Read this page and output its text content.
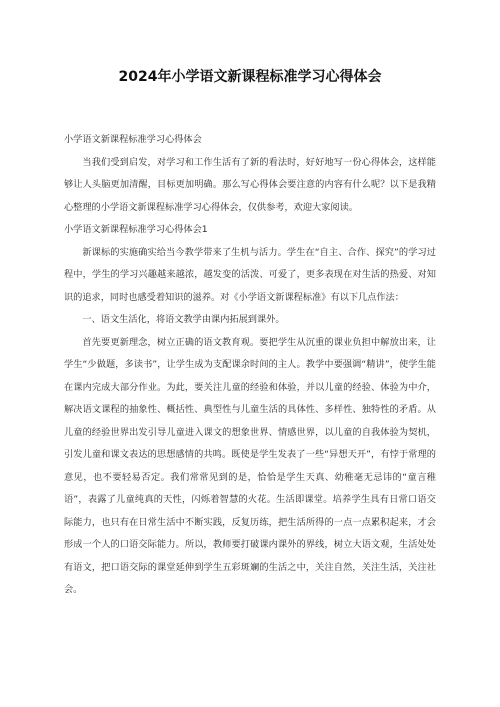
2024年小学语文新课程标准学习心得体会

小学语文新课程标准学习心得体会

当我们受到启发，对学习和工作生活有了新的看法时，好好地写一份心得体会，这样能够让人头脑更加清醒，目标更加明确。那么写心得体会要注意的内容有什么呢？以下是我精心整理的小学语文新课程标准学习心得体会，仅供参考，欢迎大家阅读。

小学语文新课程标准学习心得体会1

新课标的实施确实给当今教学带来了生机与活力。学生在“自主、合作、探究”的学习过程中，学生的学习兴趣越来越浓，越发变的活泼、可爱了，更多表现在对生活的热爱、对知识的追求，同时也感受着知识的滋养。对《小学语文新课程标准》有以下几点作法：

一、语文生活化，将语文教学由课内拓展到课外。

首先要更新理念，树立正确的语文教育观。要把学生从沉重的课业负担中解放出来，让学生“少做题，多读书”，让学生成为支配课余时间的主人。教学中要强调“精讲”，使学生能在课内完成大部分作业。为此，要关注儿童的经验和体验，并以儿童的经验、体验为中介，解决语文课程的抽象性、概括性、典型性与儿童生活的具体性、多样性、独特性的矛盾。从儿童的经验世界出发引导儿童进入课文的想象世界、情感世界，以儿童的自我体验为契机，引发儿童和课文表达的思想感情的共鸣。既使是学生发表了一些“异想天开”，有悖于常理的意见，也不要轻易否定。我们常常见到的是，恰恰是学生天真、幼稚毫无忌讳的“童言稚语”，表露了儿童纯真的天性，闪烁着智慧的火花。生活即课堂。培养学生具有日常口语交际能力，也只有在日常生活中不断实践，反复历练，把生活所得的一点一点累积起来，才会形成一个人的口语交际能力。所以，教师要打破课内课外的界线，树立大语文观，生活处处有语文，把口语交际的课堂延伸到学生五彩斑斓的生活之中，关注自然，关注生活，关注社会。
